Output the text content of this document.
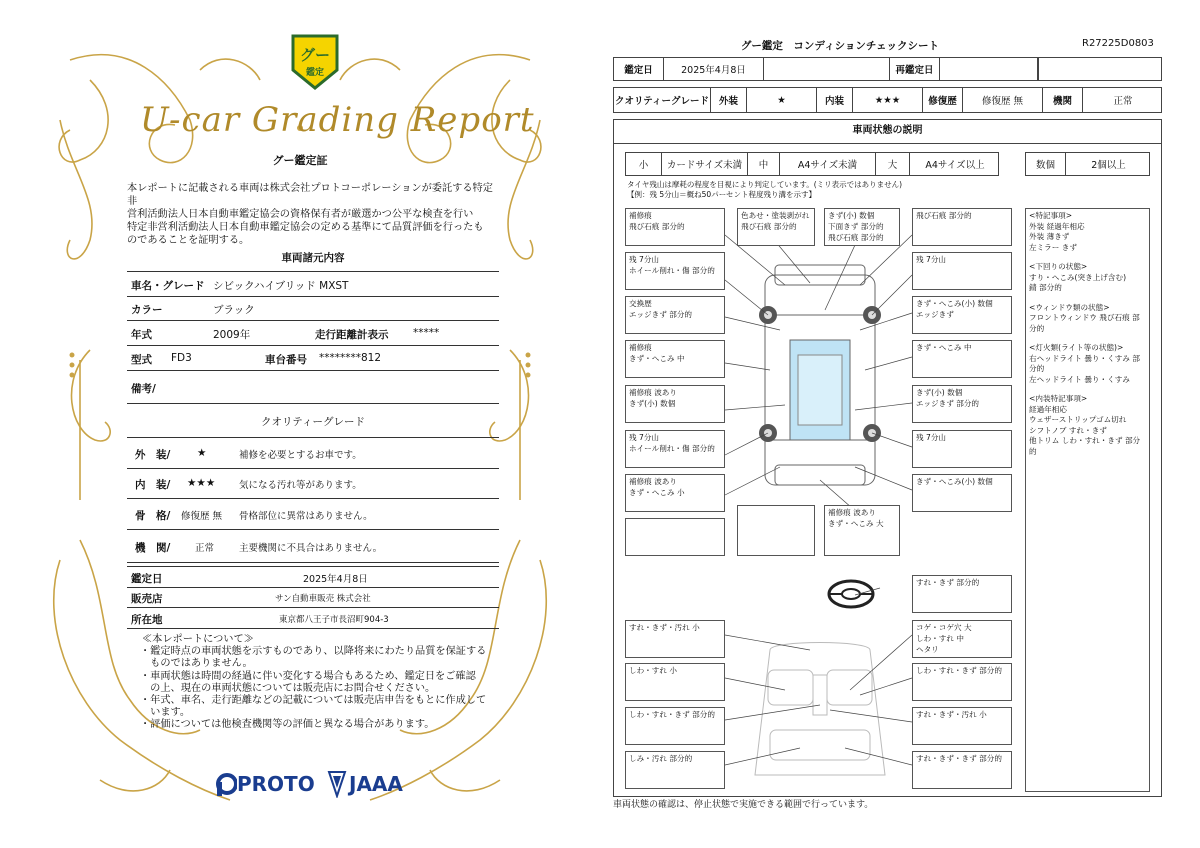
グー
鑑定
U-car Grading Report
グー鑑定証
本レポートに記載される車両は株式会社プロトコーポレーションが委託する特定非
営利活動法人日本自動車鑑定協会の資格保有者が厳選かつ公平な検査を行い
特定非営利活動法人日本自動車鑑定協会の定める基準にて品質評価を行ったも
のであることを証明する。
車両諸元内容
車名・グレード シビックハイブリッド MXST
カラー	ブラック
年式	2009年	走行距離計表示 *****
型式 FD3	車台番号 ********812
備考/
クオリティーグレード
外　装/	★	補修を必要とするお車です。
内　装/ ★★★	気になる汚れ等があります。
骨　格/ 修復歴 無 骨格部位に異常はありません。
機　関/	正常	主要機関に不具合はありません。
鑑定日	2025年4月8日
販売店	サン自動車販売 株式会社
所在地	東京都八王子市長沼町904-3
≪本レポートについて≫
・鑑定時点の車両状態を示すものであり、以降将来にわたり品質を保証する
　ものではありません。
・車両状態は時間の経過に伴い変化する場合もあるため、鑑定日をご確認
　の上、現在の車両状態については販売店にお問合せください。
・年式、車名、走行距離などの記載については販売店申告をもとに作成して
　います。
・評価については他検査機関等の評価と異なる場合があります。
PROTO JAAA
グー鑑定　コンディションチェックシート	R27225D0803
鑑定日	2025年4月8日	再鑑定日
クオリティーグレード	外装	★	内装	★★★	修復歴	修復歴 無	機関	正常
車両状態の説明
小	カードサイズ未満	中	A4サイズ未満	大	A4サイズ以上	数個	2個以上
タイヤ残山は摩耗の程度を目視により判定しています。(ミリ表示ではありません)
【例：残 5分山＝概ね50パーセント程度残り溝を示す】
補修痕
飛び石痕 部分的
色あせ・塗装剥がれ
飛び石痕 部分的
きず(小) 数個
下面きず 部分的
飛び石痕 部分的
飛び石痕 部分的
残 7分山
ホイール削れ・傷 部分的
残 7分山
交換歴
エッジきず 部分的
きず・へこみ(小) 数個
エッジきず
補修痕
きず・へこみ 中
きず・へこみ 中
補修痕 波あり
きず(小) 数個
きず(小) 数個
エッジきず 部分的
残 7分山
ホイール削れ・傷 部分的
残 7分山
補修痕 波あり
きず・へこみ 小
きず・へこみ(小) 数個
補修痕 波あり
きず・へこみ 大
すれ・きず 部分的
すれ・きず・汚れ 小	コゲ・コゲ穴 大
しわ・すれ 中
ヘタリ
しわ・すれ 小	しわ・すれ・きず 部分的
しわ・すれ・きず 部分的	すれ・きず・汚れ 小
しみ・汚れ 部分的	すれ・きず・きず 部分的
<特記事項>
外装 経過年相応
外装 薄きず
左ミラー きず
<下回りの状態>
すり・へこみ(突き上げ含む)
錆 部分的
<ウィンドウ類の状態>
フロントウィンドウ 飛び石痕 部分的
<灯火類(ライト等の状態)>
右ヘッドライト 曇り・くすみ 部分的
左ヘッドライト 曇り・くすみ
<内装特記事項>
経過年相応
ウェザーストリップゴム切れ
シフトノブ すれ・きず
他トリム しわ・すれ・きず 部分的
車両状態の確認は、停止状態で実施できる範囲で行っています。
